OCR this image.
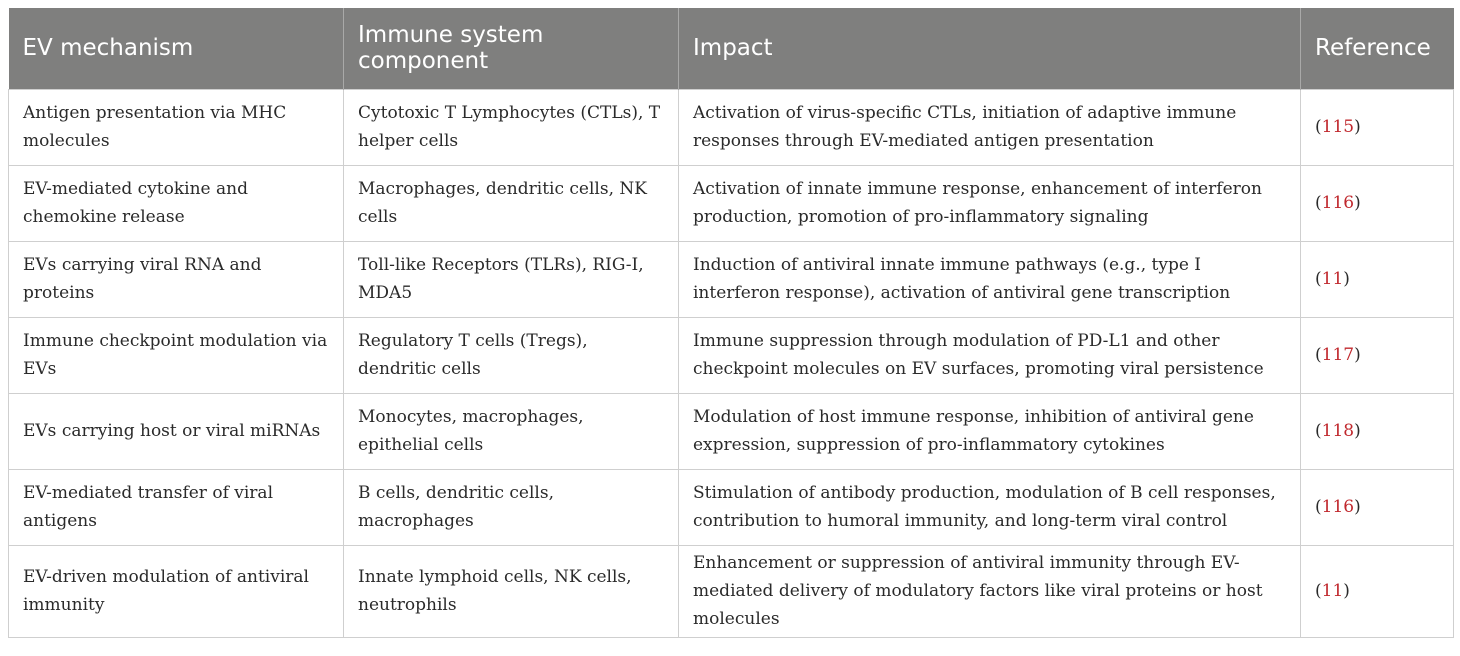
EV mechanism	Immune system component	Impact	Reference
Antigen presentation via MHC molecules	Cytotoxic T Lymphocytes (CTLs), T helper cells	Activation of virus-specific CTLs, initiation of adaptive immune responses through EV-mediated antigen presentation	(115)
EV-mediated cytokine and chemokine release	Macrophages, dendritic cells, NK cells	Activation of innate immune response, enhancement of interferon production, promotion of pro-inflammatory signaling	(116)
EVs carrying viral RNA and proteins	Toll-like Receptors (TLRs), RIG-I, MDA5	Induction of antiviral innate immune pathways (e.g., type I interferon response), activation of antiviral gene transcription	(11)
Immune checkpoint modulation via EVs	Regulatory T cells (Tregs), dendritic cells	Immune suppression through modulation of PD-L1 and other checkpoint molecules on EV surfaces, promoting viral persistence	(117)
EVs carrying host or viral miRNAs	Monocytes, macrophages, epithelial cells	Modulation of host immune response, inhibition of antiviral gene expression, suppression of pro-inflammatory cytokines	(118)
EV-mediated transfer of viral antigens	B cells, dendritic cells, macrophages	Stimulation of antibody production, modulation of B cell responses, contribution to humoral immunity, and long-term viral control	(116)
EV-driven modulation of antiviral immunity	Innate lymphoid cells, NK cells, neutrophils	Enhancement or suppression of antiviral immunity through EV-mediated delivery of modulatory factors like viral proteins or host molecules	(11)
